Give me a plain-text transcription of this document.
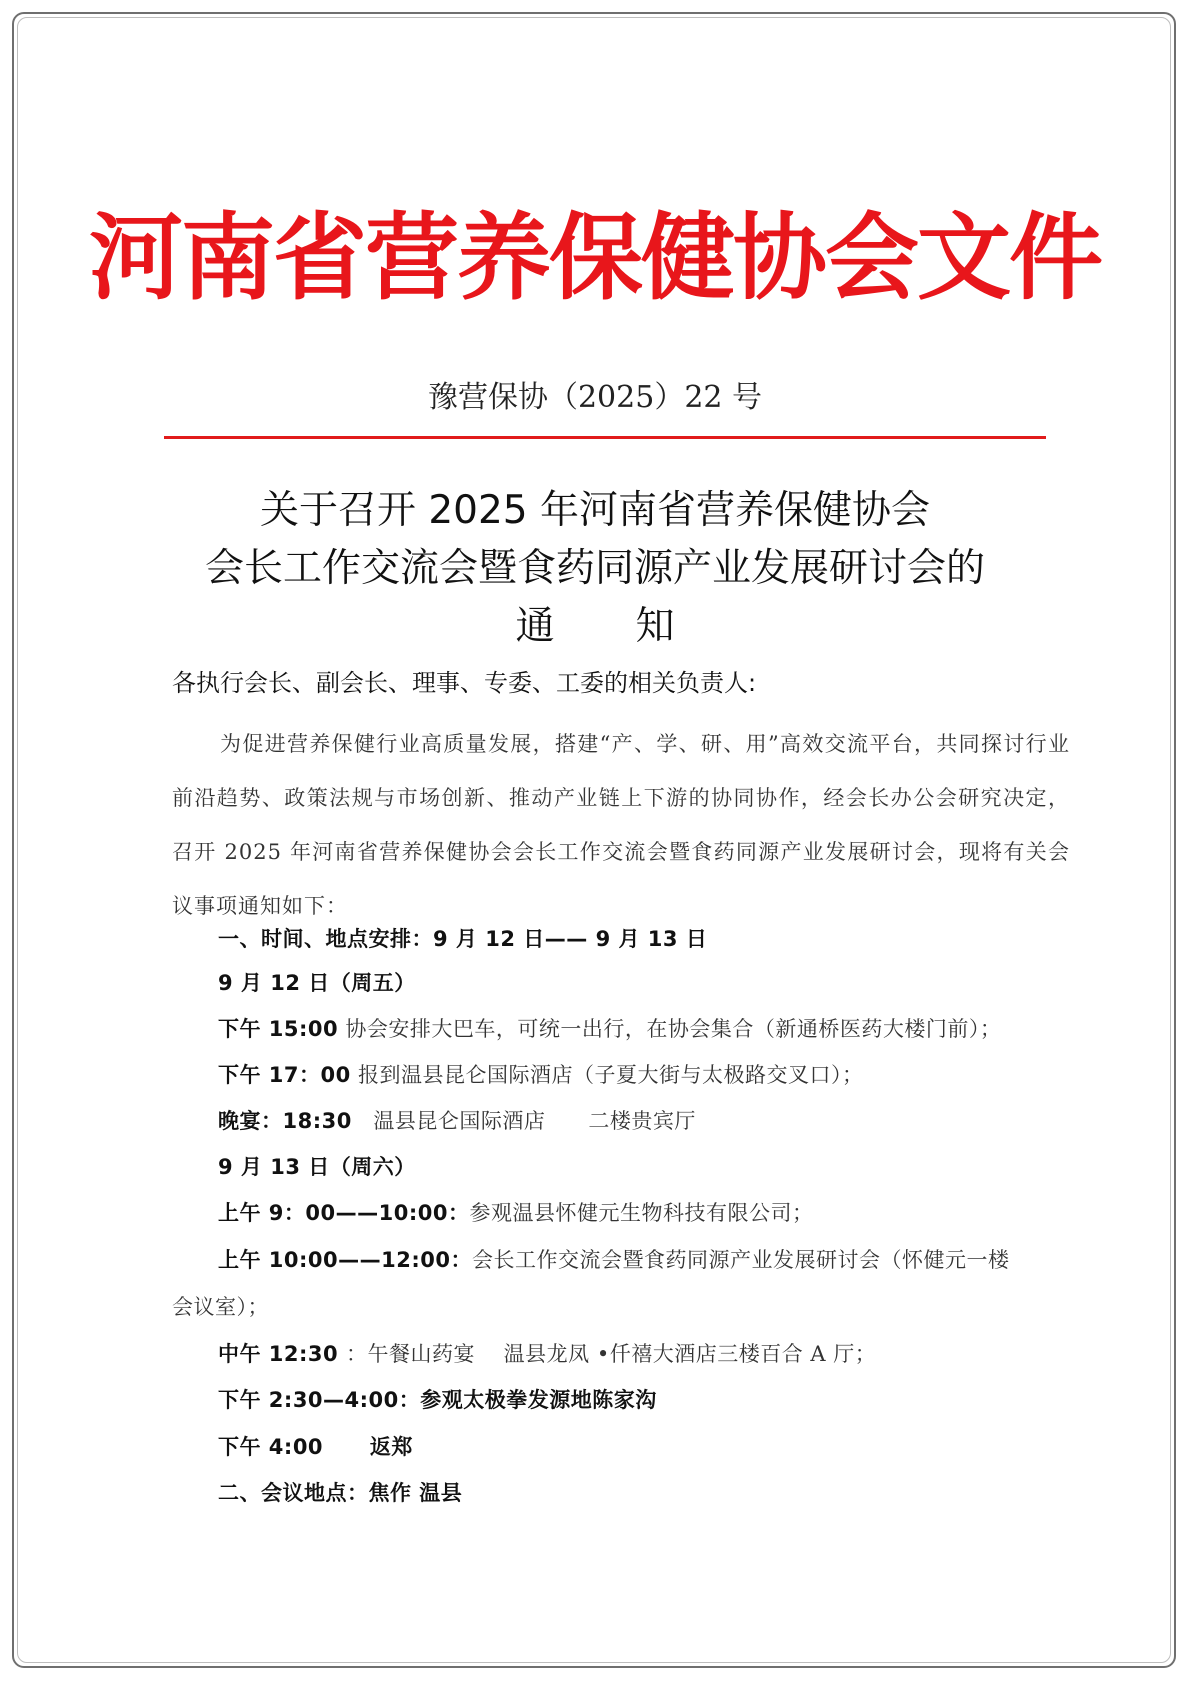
河南省营养保健协会文件
豫营保协（2025）22 号
关于召开 2025 年河南省营养保健协会
会长工作交流会暨食药同源产业发展研讨会的
通 知
各执行会长、副会长、理事、专委、工委的相关负责人:
为促进营养保健行业高质量发展，搭建“产、学、研、用”高效交流平台，共同探讨行业前沿趋势、政策法规与市场创新、推动产业链上下游的协同协作，经会长办公会研究决定，召开 2025 年河南省营养保健协会会长工作交流会暨食药同源产业发展研讨会，现将有关会议事项通知如下：
一、时间、地点安排：9 月 12 日—— 9 月 13 日
9 月 12 日（周五）
下午 15:00 协会安排大巴车，可统一出行，在协会集合（新通桥医药大楼门前）；
下午 17：00 报到温县昆仑国际酒店（子夏大街与太极路交叉口）；
晚宴：18:30   温县昆仑国际酒店      二楼贵宾厅
9 月 13 日（周六）
上午 9：00——10:00：参观温县怀健元生物科技有限公司；
上午 10:00——12:00：会长工作交流会暨食药同源产业发展研讨会（怀健元一楼
会议室）；
中午 12:30 ：午餐山药宴    温县龙凤 •仟禧大酒店三楼百合 A 厅；
下午 2:30—4:00：参观太极拳发源地陈家沟
下午 4:00      返郑
二、会议地点：焦作 温县
